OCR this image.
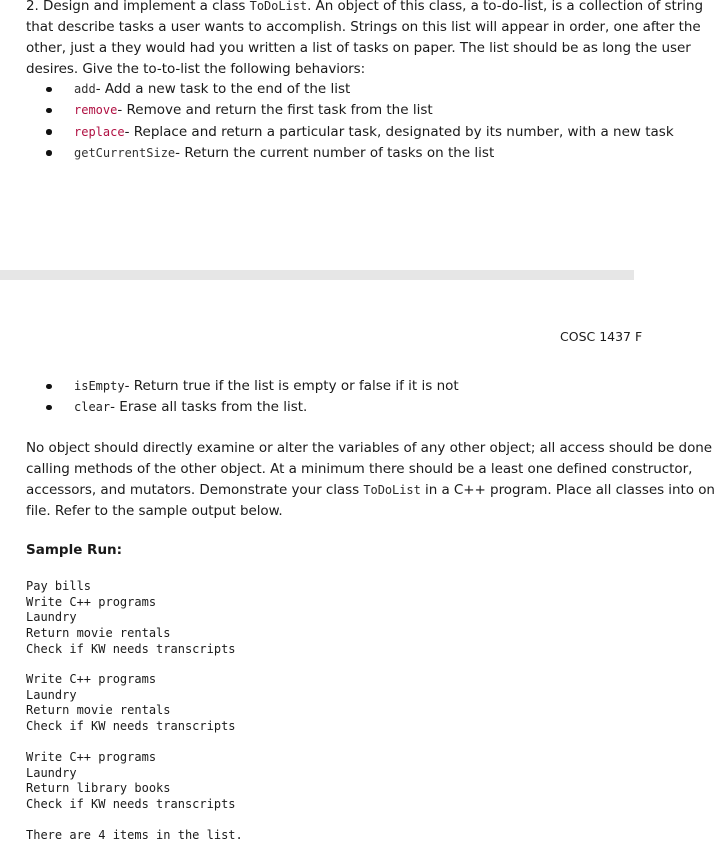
2. Design and implement a class ToDoList. An object of this class, a to-do-list, is a collection of string
that describe tasks a user wants to accomplish. Strings on this list will appear in order, one after the
other, just a they would had you written a list of tasks on paper. The list should be as long the user
desires. Give the to-to-list the following behaviors:
add- Add a new task to the end of the list
remove- Remove and return the first task from the list
replace- Replace and return a particular task, designated by its number, with a new task
getCurrentSize- Return the current number of tasks on the list
COSC 1437 F
isEmpty- Return true if the list is empty or false if it is not
clear- Erase all tasks from the list.
No object should directly examine or alter the variables of any other object; all access should be done
calling methods of the other object. At a minimum there should be a least one defined constructor,
accessors, and mutators. Demonstrate your class ToDoList in a C++ program. Place all classes into on
file. Refer to the sample output below.
Sample Run:
Pay bills
Write C++ programs
Laundry
Return movie rentals
Check if KW needs transcripts
Write C++ programs
Laundry
Return movie rentals
Check if KW needs transcripts
Write C++ programs
Laundry
Return library books
Check if KW needs transcripts
There are 4 items in the list.
